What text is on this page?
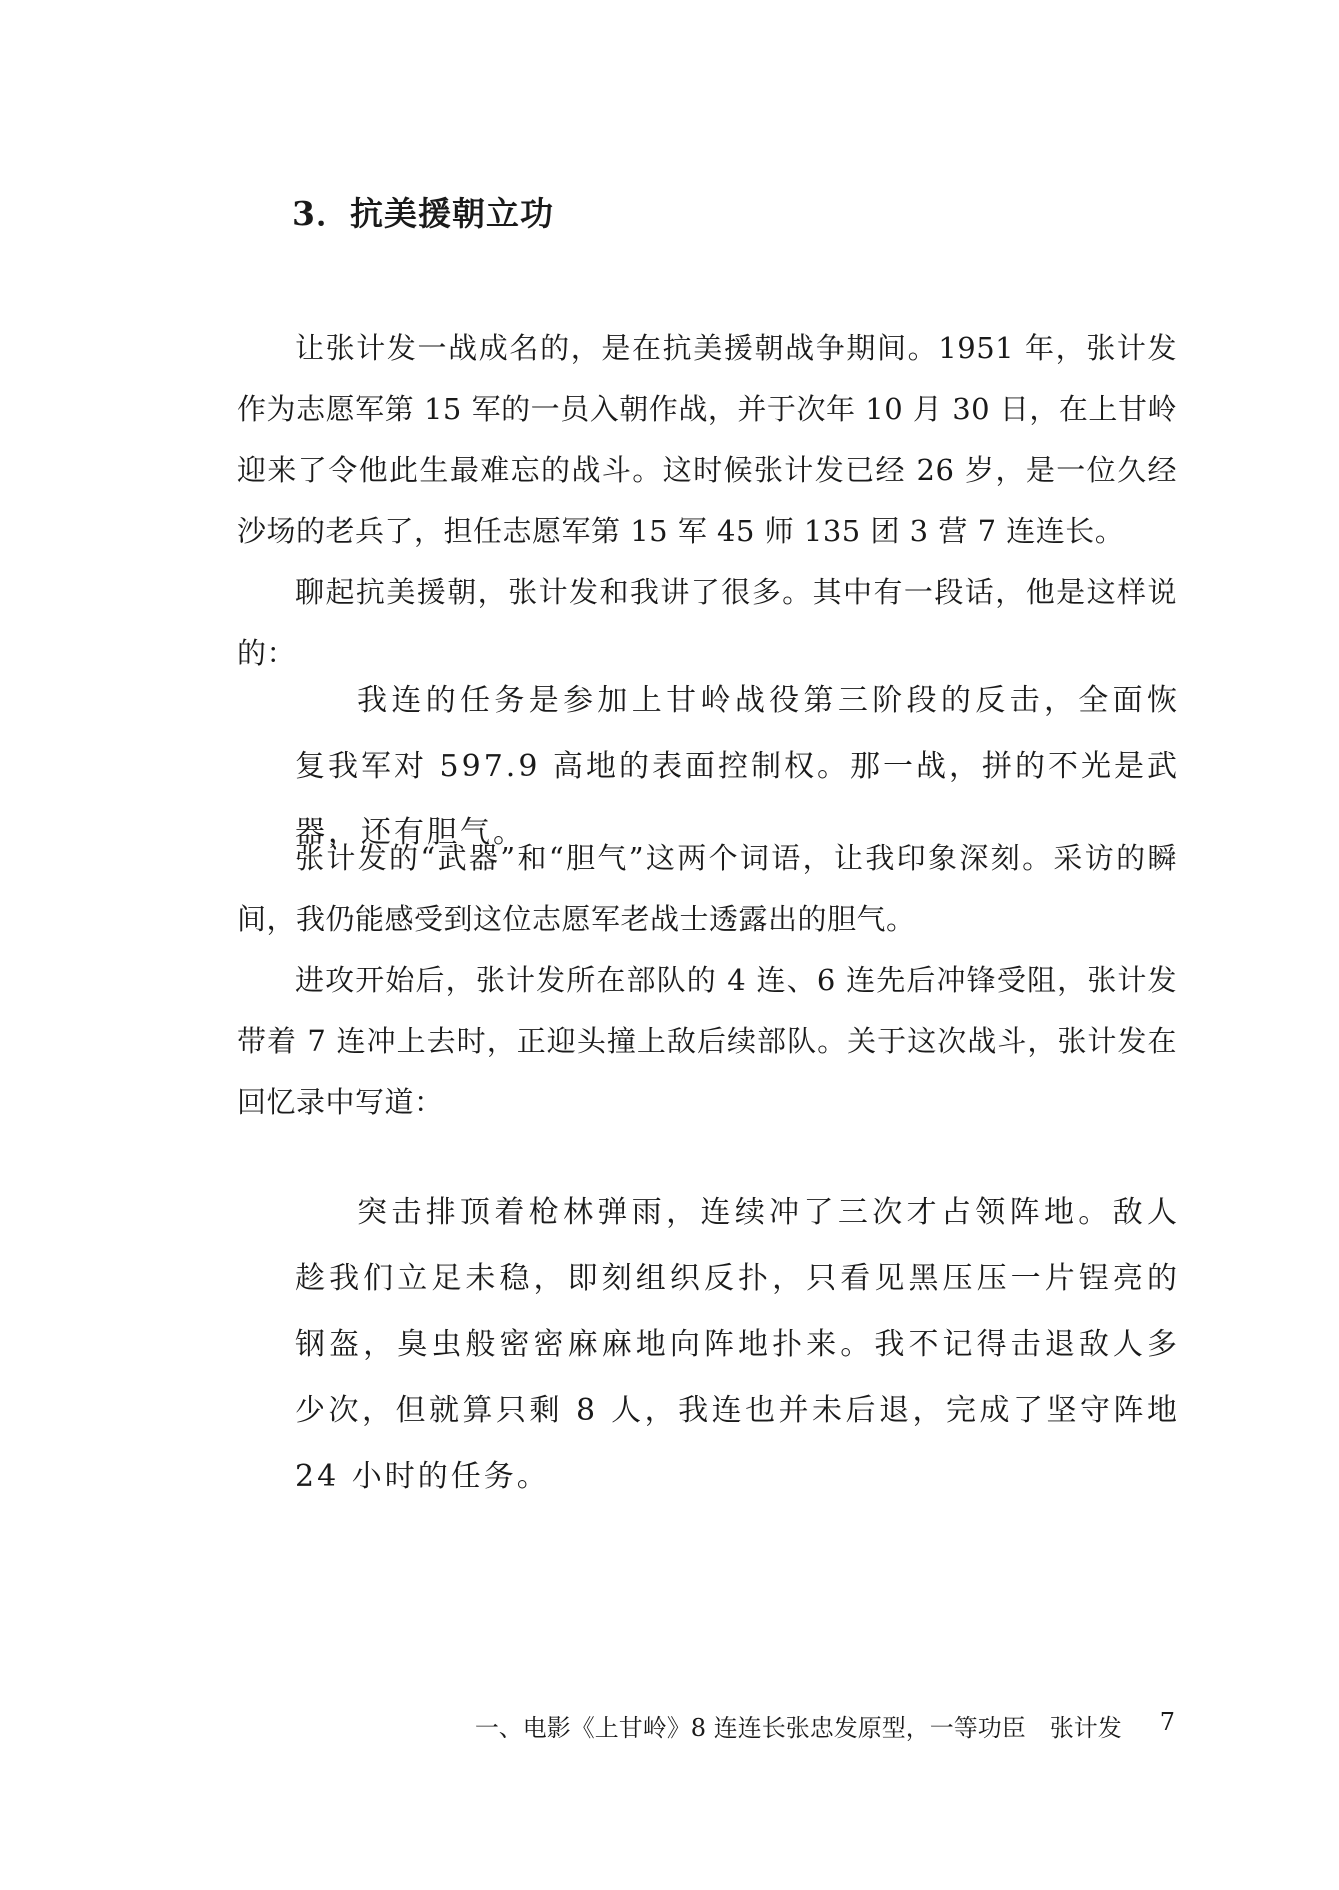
3．抗美援朝立功

让张计发一战成名的，是在抗美援朝战争期间。1951 年，张计发作为志愿军第 15 军的一员入朝作战，并于次年 10 月 30 日，在上甘岭迎来了令他此生最难忘的战斗。这时候张计发已经 26 岁，是一位久经沙场的老兵了，担任志愿军第 15 军 45 师 135 团 3 营 7 连连长。

聊起抗美援朝，张计发和我讲了很多。其中有一段话，他是这样说的：

我连的任务是参加上甘岭战役第三阶段的反击，全面恢复我军对 597.9 高地的表面控制权。那一战，拼的不光是武器，还有胆气。

张计发的“武器”和“胆气”这两个词语，让我印象深刻。采访的瞬间，我仍能感受到这位志愿军老战士透露出的胆气。

进攻开始后，张计发所在部队的 4 连、6 连先后冲锋受阻，张计发带着 7 连冲上去时，正迎头撞上敌后续部队。关于这次战斗，张计发在回忆录中写道：

突击排顶着枪林弹雨，连续冲了三次才占领阵地。敌人趁我们立足未稳，即刻组织反扑，只看见黑压压一片锃亮的钢盔，臭虫般密密麻麻地向阵地扑来。我不记得击退敌人多少次，但就算只剩 8 人，我连也并未后退，完成了坚守阵地 24 小时的任务。

一、电影《上甘岭》8 连连长张忠发原型，一等功臣　张计发 7
